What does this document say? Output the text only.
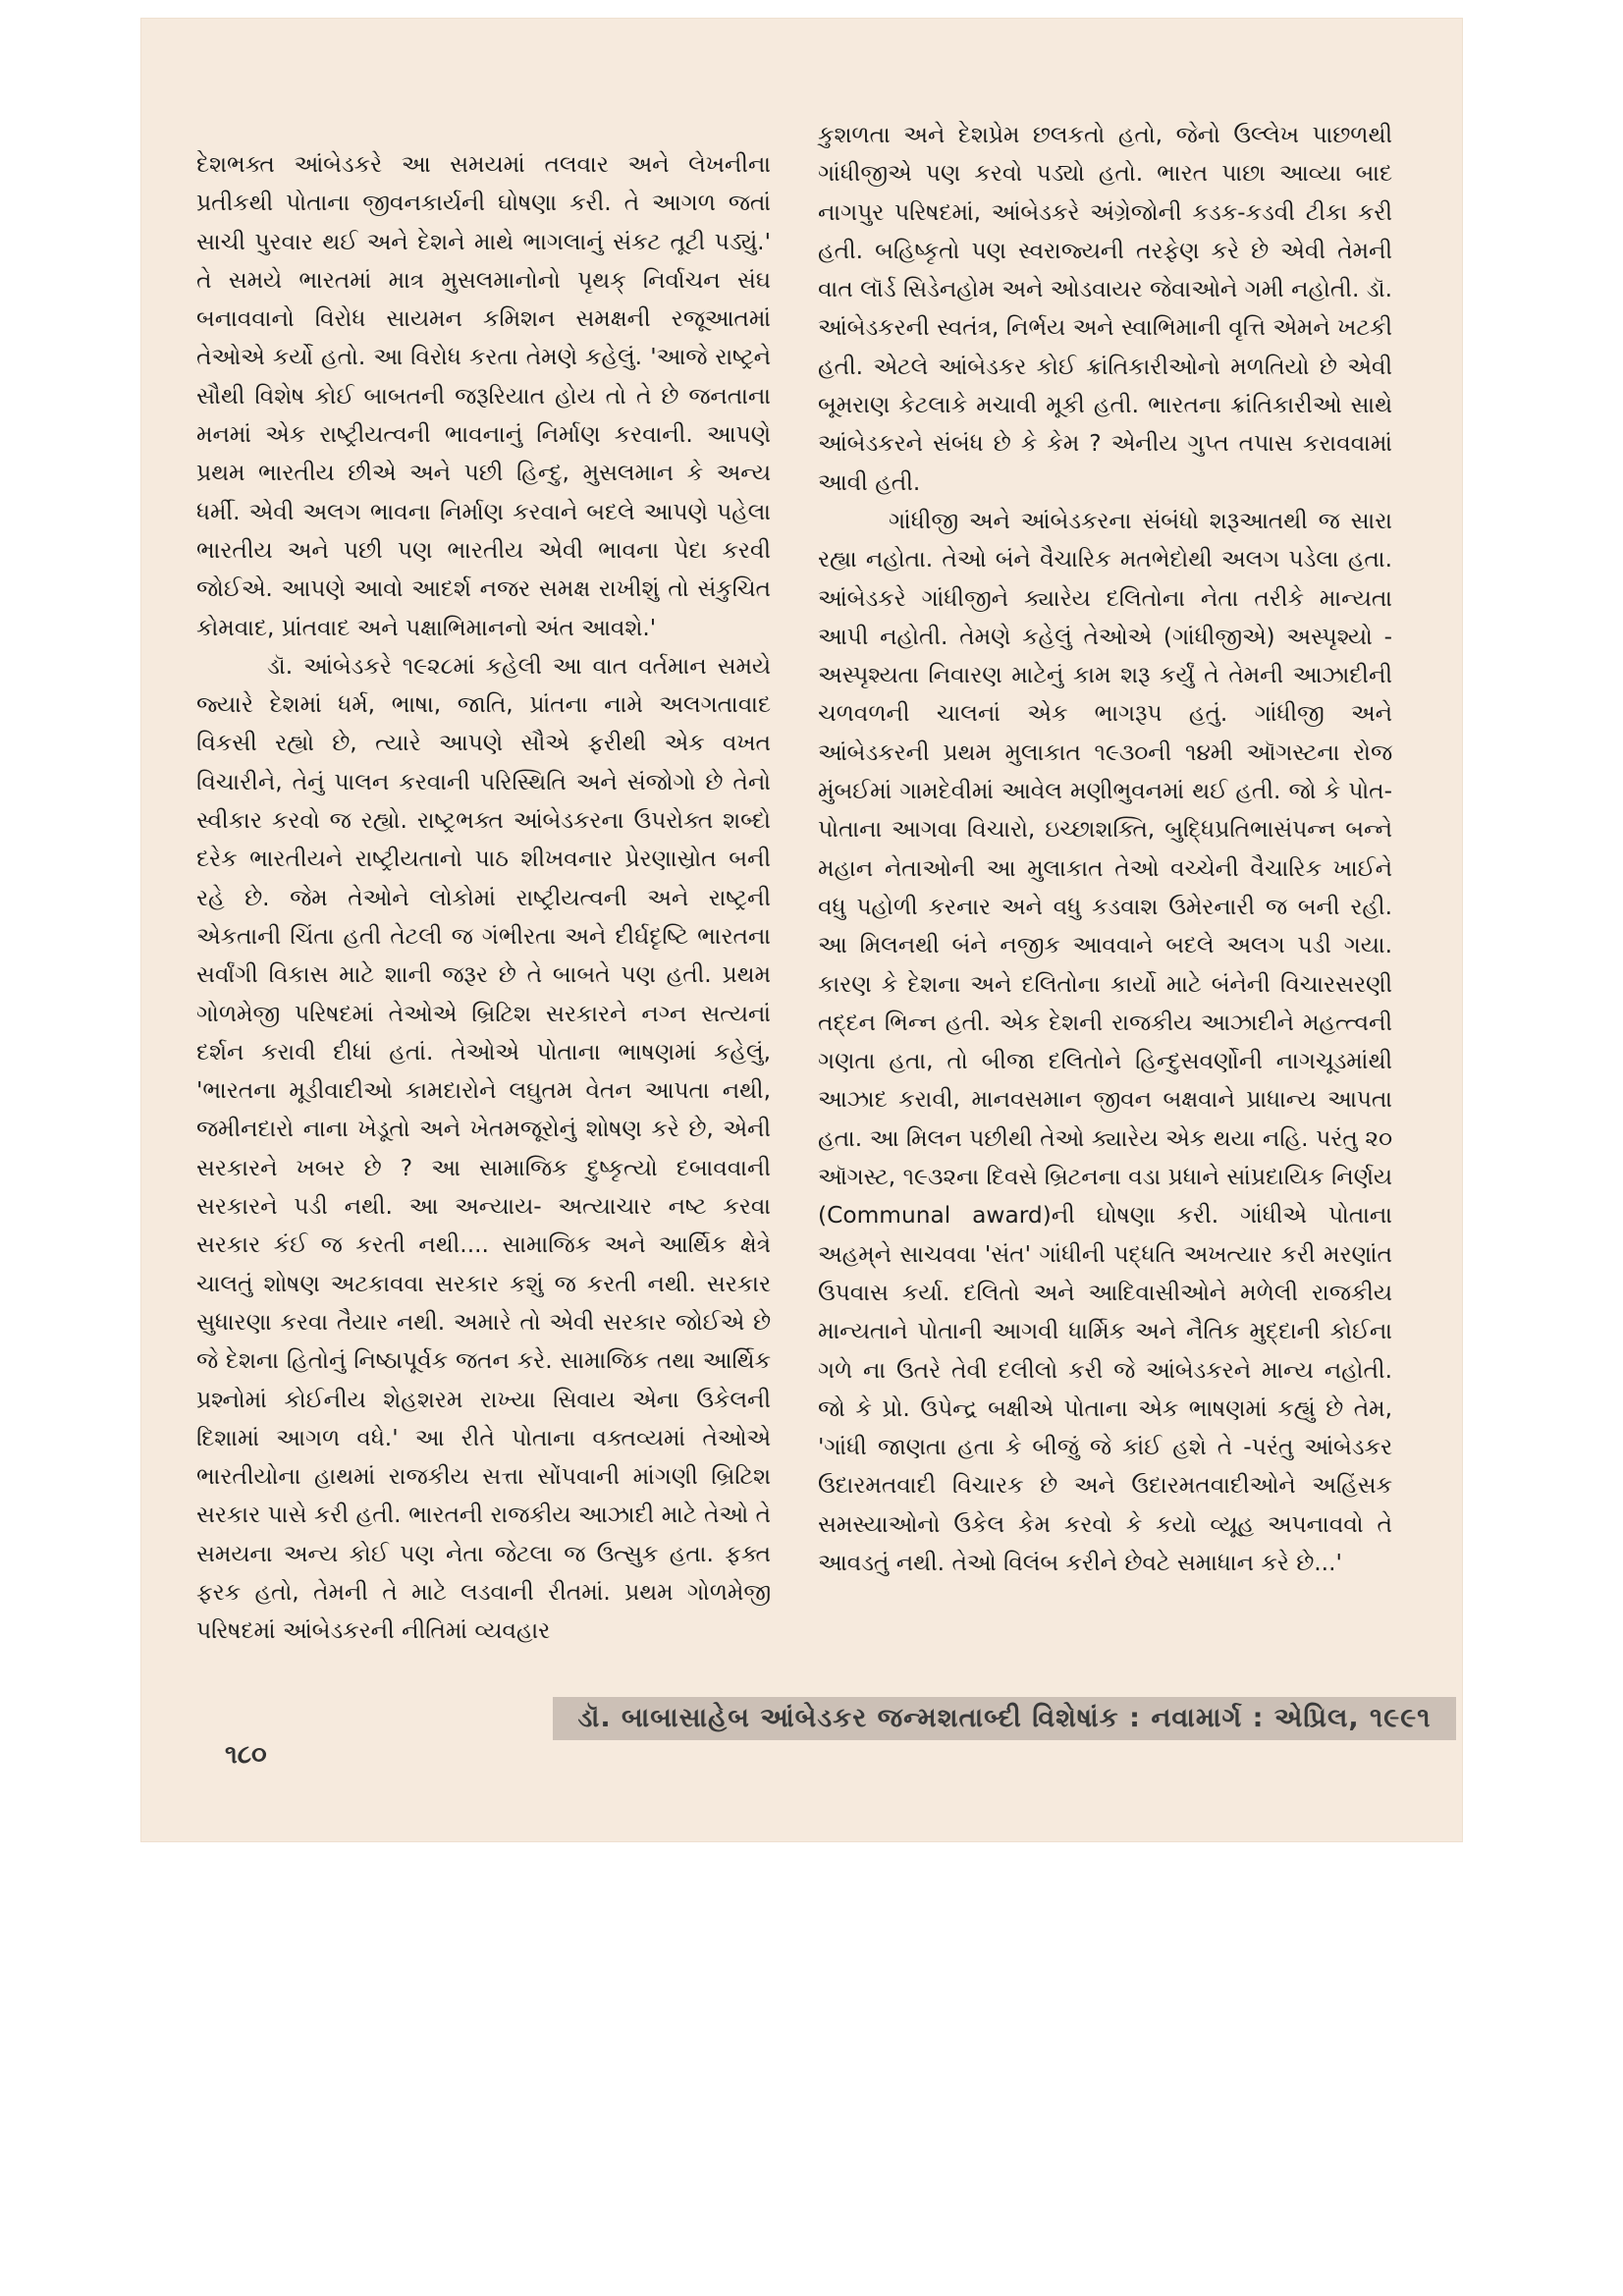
દેશભક્ત આંબેડકરે આ સમયમાં તલવાર અને લેખનીના પ્રતીકથી પોતાના જીવનકાર્યની ઘોષણા કરી. તે આગળ જતાં સાચી પુરવાર થઈ અને દેશને માથે ભાગલાનું સંકટ તૂટી પડ્યું.' તે સમયે ભારતમાં માત્ર મુસલમાનોનો પૃથક્ નિર્વાચન સંઘ બનાવવાનો વિરોધ સાયમન કમિશન સમક્ષની રજૂઆતમાં તેઓએ કર્યો હતો. આ વિરોધ કરતા તેમણે કહેલું. 'આજે રાષ્ટ્રને સૌથી વિશેષ કોઈ બાબતની જરૂરિયાત હોય તો તે છે જનતાના મનમાં એક રાષ્ટ્રીયત્વની ભાવનાનું નિર્માણ કરવાની. આપણે પ્રથમ ભારતીય છીએ અને પછી હિન્દુ, મુસલમાન કે અન્ય ધર્મી. એવી અલગ ભાવના નિર્માણ કરવાને બદલે આપણે પહેલા ભારતીય અને પછી પણ ભારતીય એવી ભાવના પેદા કરવી જોઈએ. આપણે આવો આદર્શ નજર સમક્ષ રાખીશું તો સંકુચિત કોમવાદ, પ્રાંતવાદ અને પક્ષાભિમાનનો અંત આવશે.'

ડૉ. આંબેડકરે ૧૯૨૮માં કહેલી આ વાત વર્તમાન સમયે જ્યારે દેશમાં ધર્મ, ભાષા, જાતિ, પ્રાંતના નામે અલગતાવાદ વિકસી રહ્યો છે, ત્યારે આપણે સૌએ ફરીથી એક વખત વિચારીને, તેનું પાલન કરવાની પરિસ્થિતિ અને સંજોગો છે તેનો સ્વીકાર કરવો જ રહ્યો. રાષ્ટ્રભક્ત આંબેડકરના ઉપરોક્ત શબ્દો દરેક ભારતીયને રાષ્ટ્રીયતાનો પાઠ શીખવનાર પ્રેરણાસ્રોત બની રહે છે. જેમ તેઓને લોકોમાં રાષ્ટ્રીયત્વની અને રાષ્ટ્રની એકતાની ચિંતા હતી તેટલી જ ગંભીરતા અને દીર્ઘદૃષ્ટિ ભારતના સર્વાંગી વિકાસ માટે શાની જરૂર છે તે બાબતે પણ હતી. પ્રથમ ગોળમેજી પરિષદમાં તેઓએ બ્રિટિશ સરકારને નગ્ન સત્યનાં દર્શન કરાવી દીધાં હતાં. તેઓએ પોતાના ભાષણમાં કહેલું, 'ભારતના મૂડીવાદીઓ કામદારોને લઘુતમ વેતન આપતા નથી, જમીનદારો નાના ખેડૂતો અને ખેતમજૂરોનું શોષણ કરે છે, એની સરકારને ખબર છે ? આ સામાજિક દુષ્કૃત્યો દબાવવાની સરકારને પડી નથી. આ અન્યાય- અત્યાચાર નષ્ટ કરવા સરકાર કંઈ જ કરતી નથી.... સામાજિક અને આર્થિક ક્ષેત્રે ચાલતું શોષણ અટકાવવા સરકાર કશું જ કરતી નથી. સરકાર સુધારણા કરવા તૈયાર નથી. અમારે તો એવી સરકાર જોઈએ છે જે દેશના હિતોનું નિષ્ઠાપૂર્વક જતન કરે. સામાજિક તથા આર્થિક પ્રશ્નોમાં કોઈનીય શેહશરમ રાખ્યા સિવાય એના ઉકેલની દિશામાં આગળ વધે.' આ રીતે પોતાના વક્તવ્યમાં તેઓએ ભારતીયોના હાથમાં રાજકીય સત્તા સોંપવાની માંગણી બ્રિટિશ સરકાર પાસે કરી હતી. ભારતની રાજકીય આઝાદી માટે તેઓ તે સમયના અન્ય કોઈ પણ નેતા જેટલા જ ઉત્સુક હતા. ફક્ત ફરક હતો, તેમની તે માટે લડવાની રીતમાં. પ્રથમ ગોળમેજી પરિષદમાં આંબેડકરની નીતિમાં વ્યવહાર

કુશળતા અને દેશપ્રેમ છલકતો હતો, જેનો ઉલ્લેખ પાછળથી ગાંધીજીએ પણ કરવો પડ્યો હતો. ભારત પાછા આવ્યા બાદ નાગપુર પરિષદમાં, આંબેડકરે અંગ્રેજોની કડક-કડવી ટીકા કરી હતી. બહિષ્કૃતો પણ સ્વરાજ્યની તરફેણ કરે છે એવી તેમની વાત લૉર્ડ સિડેનહોમ અને ઓડવાયર જેવાઓને ગમી નહોતી. ડૉ. આંબેડકરની સ્વતંત્ર, નિર્ભય અને સ્વાભિમાની વૃત્તિ એમને ખટકી હતી. એટલે આંબેડકર કોઈ ક્રાંતિકારીઓનો મળતિયો છે એવી બૂમરાણ કેટલાકે મચાવી મૂકી હતી. ભારતના ક્રાંતિકારીઓ સાથે આંબેડકરને સંબંધ છે કે કેમ ? એનીય ગુપ્ત તપાસ કરાવવામાં આવી હતી.

ગાંધીજી અને આંબેડકરના સંબંધો શરૂઆતથી જ સારા રહ્યા નહોતા. તેઓ બંને વૈચારિક મતભેદોથી અલગ પડેલા હતા. આંબેડકરે ગાંધીજીને ક્યારેય દલિતોના નેતા તરીકે માન્યતા આપી નહોતી. તેમણે કહેલું તેઓએ (ગાંધીજીએ) અસ્પૃશ્યો - અસ્પૃશ્યતા નિવારણ માટેનું કામ શરૂ કર્યું તે તેમની આઝાદીની ચળવળની ચાલનાં એક ભાગરૂપ હતું. ગાંધીજી અને આંબેડકરની પ્રથમ મુલાકાત ૧૯૩૦ની ૧૪મી ઑગસ્ટના રોજ મુંબઈમાં ગામદેવીમાં આવેલ મણીભુવનમાં થઈ હતી. જો કે પોત-પોતાના આગવા વિચારો, ઇચ્છાશક્તિ, બુદ્ધિપ્રતિભાસંપન્ન બન્ને મહાન નેતાઓની આ મુલાકાત તેઓ વચ્ચેની વૈચારિક ખાઈને વધુ પહોળી કરનાર અને વધુ કડવાશ ઉમેરનારી જ બની રહી. આ મિલનથી બંને નજીક આવવાને બદલે અલગ પડી ગયા. કારણ કે દેશના અને દલિતોના કાર્યો માટે બંનેની વિચારસરણી તદ્દન ભિન્ન હતી. એક દેશની રાજકીય આઝાદીને મહત્ત્વની ગણતા હતા, તો બીજા દલિતોને હિન્દુસવર્ણોની નાગચૂડમાંથી આઝાદ કરાવી, માનવસમાન જીવન બક્ષવાને પ્રાધાન્ય આપતા હતા. આ મિલન પછીથી તેઓ ક્યારેય એક થયા નહિ. પરંતુ ૨૦ ઑગસ્ટ, ૧૯૩૨ના દિવસે બ્રિટનના વડા પ્રધાને સાંપ્રદાયિક નિર્ણય (Communal award)ની ઘોષણા કરી. ગાંધીએ પોતાના અહમ્‌ને સાચવવા 'સંત' ગાંધીની પદ્ધતિ અખત્યાર કરી મરણાંત ઉપવાસ કર્યા. દલિતો અને આદિવાસીઓને મળેલી રાજકીય માન્યતાને પોતાની આગવી ધાર્મિક અને નૈતિક મુદ્દાની કોઈના ગળે ના ઉતરે તેવી દલીલો કરી જે આંબેડકરને માન્ય નહોતી. જો કે પ્રો. ઉપેન્દ્ર બક્ષીએ પોતાના એક ભાષણમાં કહ્યું છે તેમ, 'ગાંધી જાણતા હતા કે બીજું જે કાંઈ હશે તે -પરંતુ આંબેડકર ઉદારમતવાદી વિચારક છે અને ઉદારમતવાદીઓને અહિંસક સમસ્યાઓનો ઉકેલ કેમ કરવો કે કયો વ્યૂહ અપનાવવો તે આવડતું નથી. તેઓ વિલંબ કરીને છેવટે સમાધાન કરે છે...'

૧૮૦
ડૉ. બાબાસાહેબ આંબેડકર જન્મશતાબ્દી વિશેષાંક : નવામાર્ગ : એપ્રિલ, ૧૯૯૧
